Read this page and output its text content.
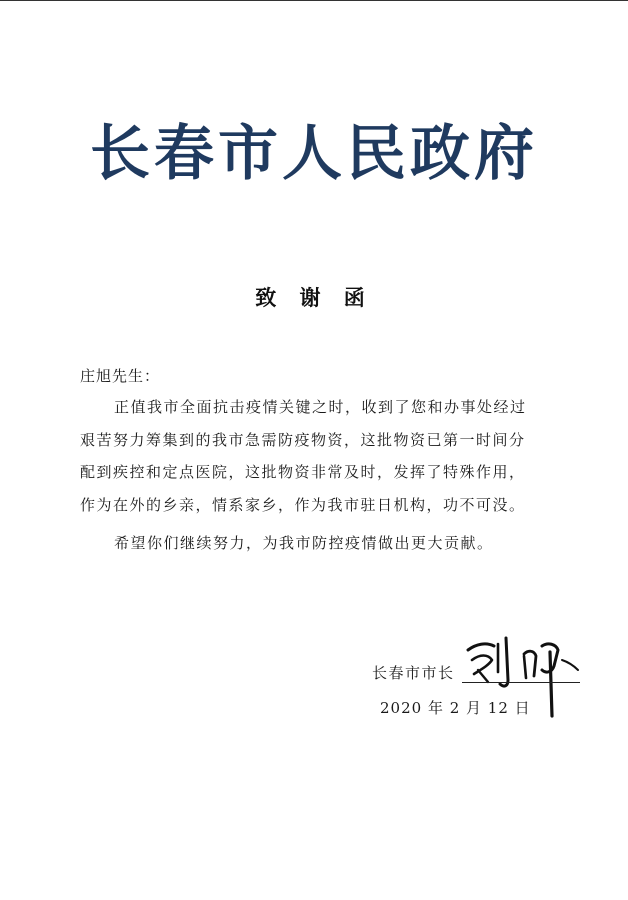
长春市人民政府
致 谢 函
庄旭先生：
正值我市全面抗击疫情关键之时，收到了您和办事处经过
艰苦努力筹集到的我市急需防疫物资，这批物资已第一时间分
配到疾控和定点医院，这批物资非常及时，发挥了特殊作用，
作为在外的乡亲，情系家乡，作为我市驻日机构，功不可没。
希望你们继续努力，为我市防控疫情做出更大贡献。
长春市市长
2020 年 2 月 12 日
